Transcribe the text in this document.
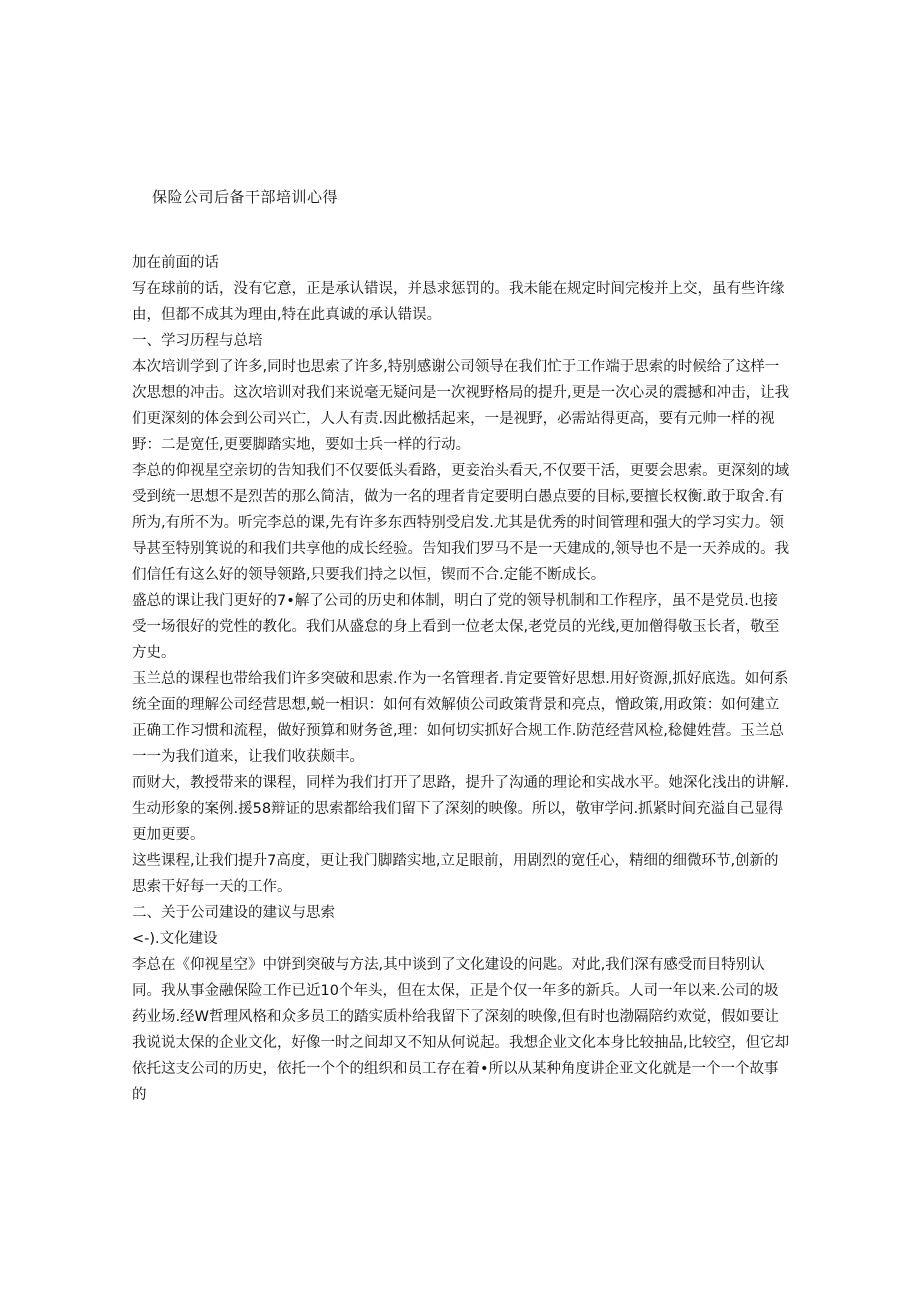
保险公司后备干部培训心得

加在前面的话

写在球前的话，没有它意，正是承认错误，并恳求惩罚的。我未能在规定时间完梭并上交，虽有些许缘由，但都不成其为理由,特在此真诚的承认错误。

一、学习历程与总培

本次培训学到了许多,同时也思索了许多,特别感谢公司领导在我们忙于工作端于思索的时候给了这样一次思想的冲击。这次培训对我们来说毫无疑问是一次视野格局的提升,更是一次心灵的震撼和冲击，让我们更深刻的体会到公司兴亡，人人有责.因此檄括起来，一是视野，必需站得更高，要有元帅一样的视野：二是宽任,更要脚踏实地，要如士兵一样的行动。

李总的仰视星空亲切的告知我们不仅要低头看路，更妾治头看天,不仅要干活，更要会思索。更深刻的域受到统一思想不是烈苦的那么简洁，做为一名的理者肯定要明白愚点要的目标,要擅长权衡.敢于取舍.有所为,有所不为。听完李总的课,先有许多东西特别受启发.尤其是优秀的时间管理和强大的学习实力。领导甚至特别箕说的和我们共享他的成长经验。告知我们罗马不是一天建成的,领导也不是一天养成的。我们信任有这么好的领导领路,只要我们持之以恒，锲而不合.定能不断成长。

盛总的课让我门更好的7•解了公司的历史和体制，明白了党的领导机制和工作程序，虽不是党员.也接受一场很好的党性的教化。我们从盛怠的身上看到一位老太保,老党员的光线,更加僧得敬玉长者，敬至方史。

玉兰总的课程也带给我们许多突破和思索.作为一名管理者.肯定要管好思想.用好资源,抓好底选。如何系统全面的理解公司经营思想,蜕一相识：如何有效解侦公司政策背景和亮点，憎政策,用政策：如何建立正确工作习惯和流程，做好预算和财务爸,理：如何切实抓好合规工作.防范经营风检,稔健姓营。玉兰总一一为我们道来，让我们收获颇丰。

而财大，教授带来的课程，同样为我们打开了思路，提升了沟通的理论和实战水平。她深化浅出的讲解.生动形象的案例.援58辩证的思索都给我们留下了深刻的映像。所以，敬审学问.抓紧时间充溢自己显得更加更要。

这些课程,让我们提升7高度，更让我门脚踏实地,立足眼前，用剧烈的宽任心，精细的细微环节,创新的思索干好每一天的工作。

二、关于公司建设的建议与思索

<-).文化建设

李总在《仰视星空》中饼到突破与方法,其中谈到了文化建设的问匙。对此,我们深有感受而目特别认同。我从事金融保险工作已近10个年头，但在太保，正是个仅一年多的新兵。人司一年以来.公司的圾药业场.经W哲理风格和众多员工的踏实质朴给我留下了深刻的映像,但有时也渤隔陪约欢觉，假如要让我说说太保的企业文化，好像一时之间却又不知从何说起。我想企业文化本身比较抽品,比较空，但它却依托这支公司的历史，依托一个个的组织和员工存在着•所以从某种角度讲企亚文化就是一个一个故事的
